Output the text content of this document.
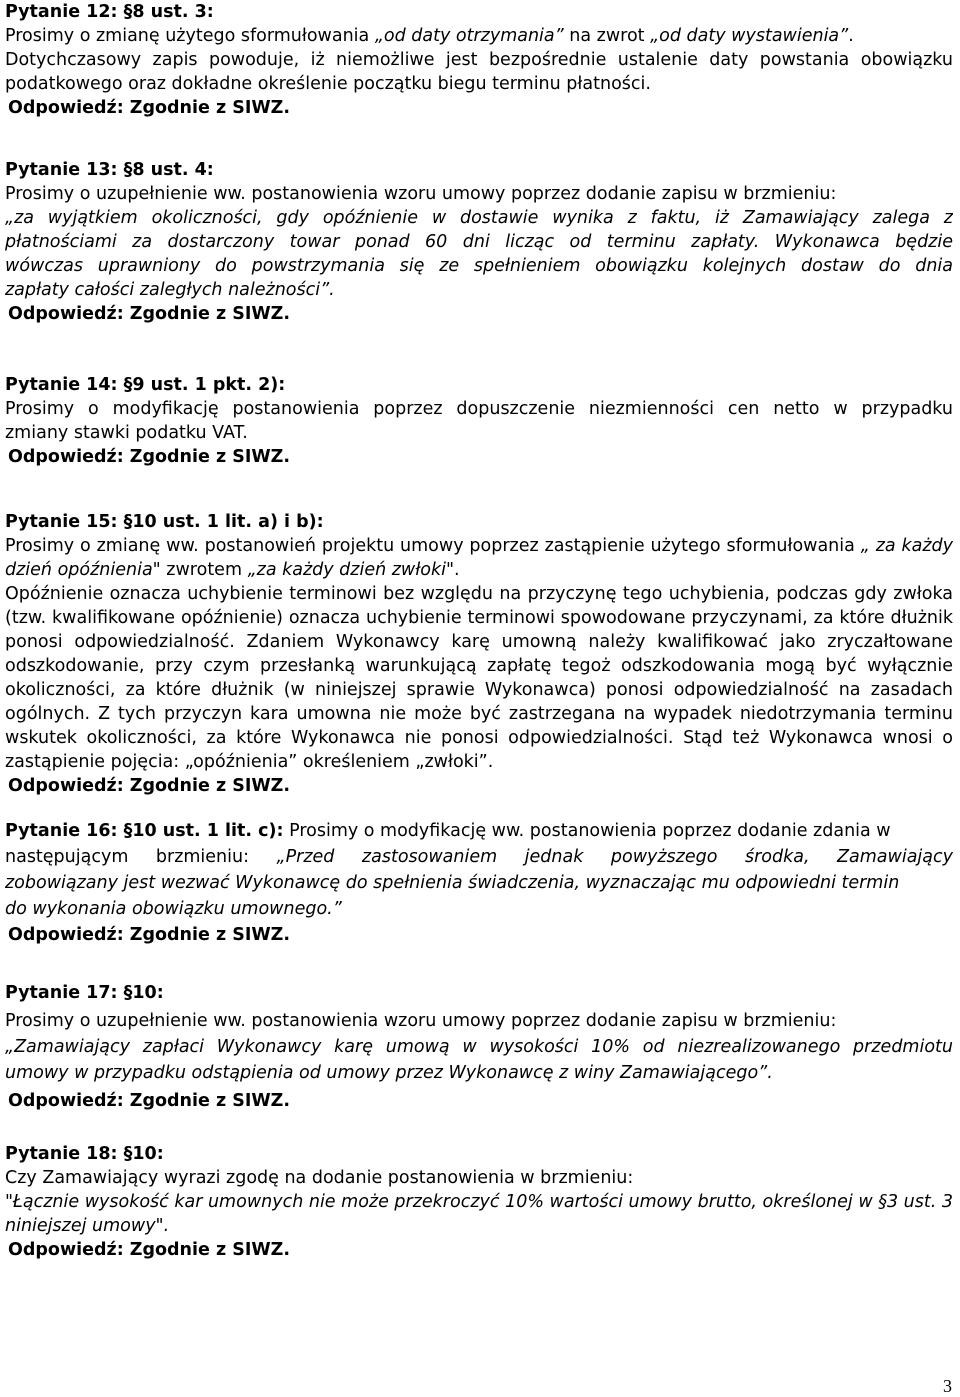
Pytanie 12: §8 ust. 3:
Prosimy o zmianę użytego sformułowania „od daty otrzymania” na zwrot „od daty wystawienia”.
Dotychczasowy zapis powoduje, iż niemożliwe jest bezpośrednie ustalenie daty powstania obowiązku
podatkowego oraz dokładne określenie początku biegu terminu płatności.
Odpowiedź: Zgodnie z SIWZ.
Pytanie 13: §8 ust. 4:
Prosimy o uzupełnienie ww. postanowienia wzoru umowy poprzez dodanie zapisu w brzmieniu:
„za wyjątkiem okoliczności, gdy opóźnienie w dostawie wynika z faktu, iż Zamawiający zalega z
płatnościami za dostarczony towar ponad 60 dni licząc od terminu zapłaty. Wykonawca będzie
wówczas uprawniony do powstrzymania się ze spełnieniem obowiązku kolejnych dostaw do dnia
zapłaty całości zaległych należności”.
Odpowiedź: Zgodnie z SIWZ.
Pytanie 14: §9 ust. 1 pkt. 2):
Prosimy o modyfikację postanowienia poprzez dopuszczenie niezmienności cen netto w przypadku
zmiany stawki podatku VAT.
Odpowiedź: Zgodnie z SIWZ.
Pytanie 15: §10 ust. 1 lit. a) i b):
Prosimy o zmianę ww. postanowień projektu umowy poprzez zastąpienie użytego sformułowania „ za każdy
dzień opóźnienia" zwrotem „za każdy dzień zwłoki".
Opóźnienie oznacza uchybienie terminowi bez względu na przyczynę tego uchybienia, podczas gdy zwłoka
(tzw. kwalifikowane opóźnienie) oznacza uchybienie terminowi spowodowane przyczynami, za które dłużnik
ponosi odpowiedzialność. Zdaniem Wykonawcy karę umowną należy kwalifikować jako zryczałtowane
odszkodowanie, przy czym przesłanką warunkującą zapłatę tegoż odszkodowania mogą być wyłącznie
okoliczności, za które dłużnik (w niniejszej sprawie Wykonawca) ponosi odpowiedzialność na zasadach
ogólnych. Z tych przyczyn kara umowna nie może być zastrzegana na wypadek niedotrzymania terminu
wskutek okoliczności, za które Wykonawca nie ponosi odpowiedzialności. Stąd też Wykonawca wnosi o
zastąpienie pojęcia: „opóźnienia” określeniem „zwłoki”.
Odpowiedź: Zgodnie z SIWZ.
Pytanie 16: §10 ust. 1 lit. c): Prosimy o modyfikację ww. postanowienia poprzez dodanie zdania w
następującym brzmieniu: „Przed zastosowaniem jednak powyższego środka, Zamawiający
zobowiązany jest wezwać Wykonawcę do spełnienia świadczenia, wyznaczając mu odpowiedni termin
do wykonania obowiązku umownego.”
Odpowiedź: Zgodnie z SIWZ.
Pytanie 17: §10:
Prosimy o uzupełnienie ww. postanowienia wzoru umowy poprzez dodanie zapisu w brzmieniu:
„Zamawiający zapłaci Wykonawcy karę umową w wysokości 10% od niezrealizowanego przedmiotu
umowy w przypadku odstąpienia od umowy przez Wykonawcę z winy Zamawiającego”.
Odpowiedź: Zgodnie z SIWZ.
Pytanie 18: §10:
Czy Zamawiający wyrazi zgodę na dodanie postanowienia w brzmieniu:
"Łącznie wysokość kar umownych nie może przekroczyć 10% wartości umowy brutto, określonej w §3 ust. 3
niniejszej umowy".
Odpowiedź: Zgodnie z SIWZ.
3
